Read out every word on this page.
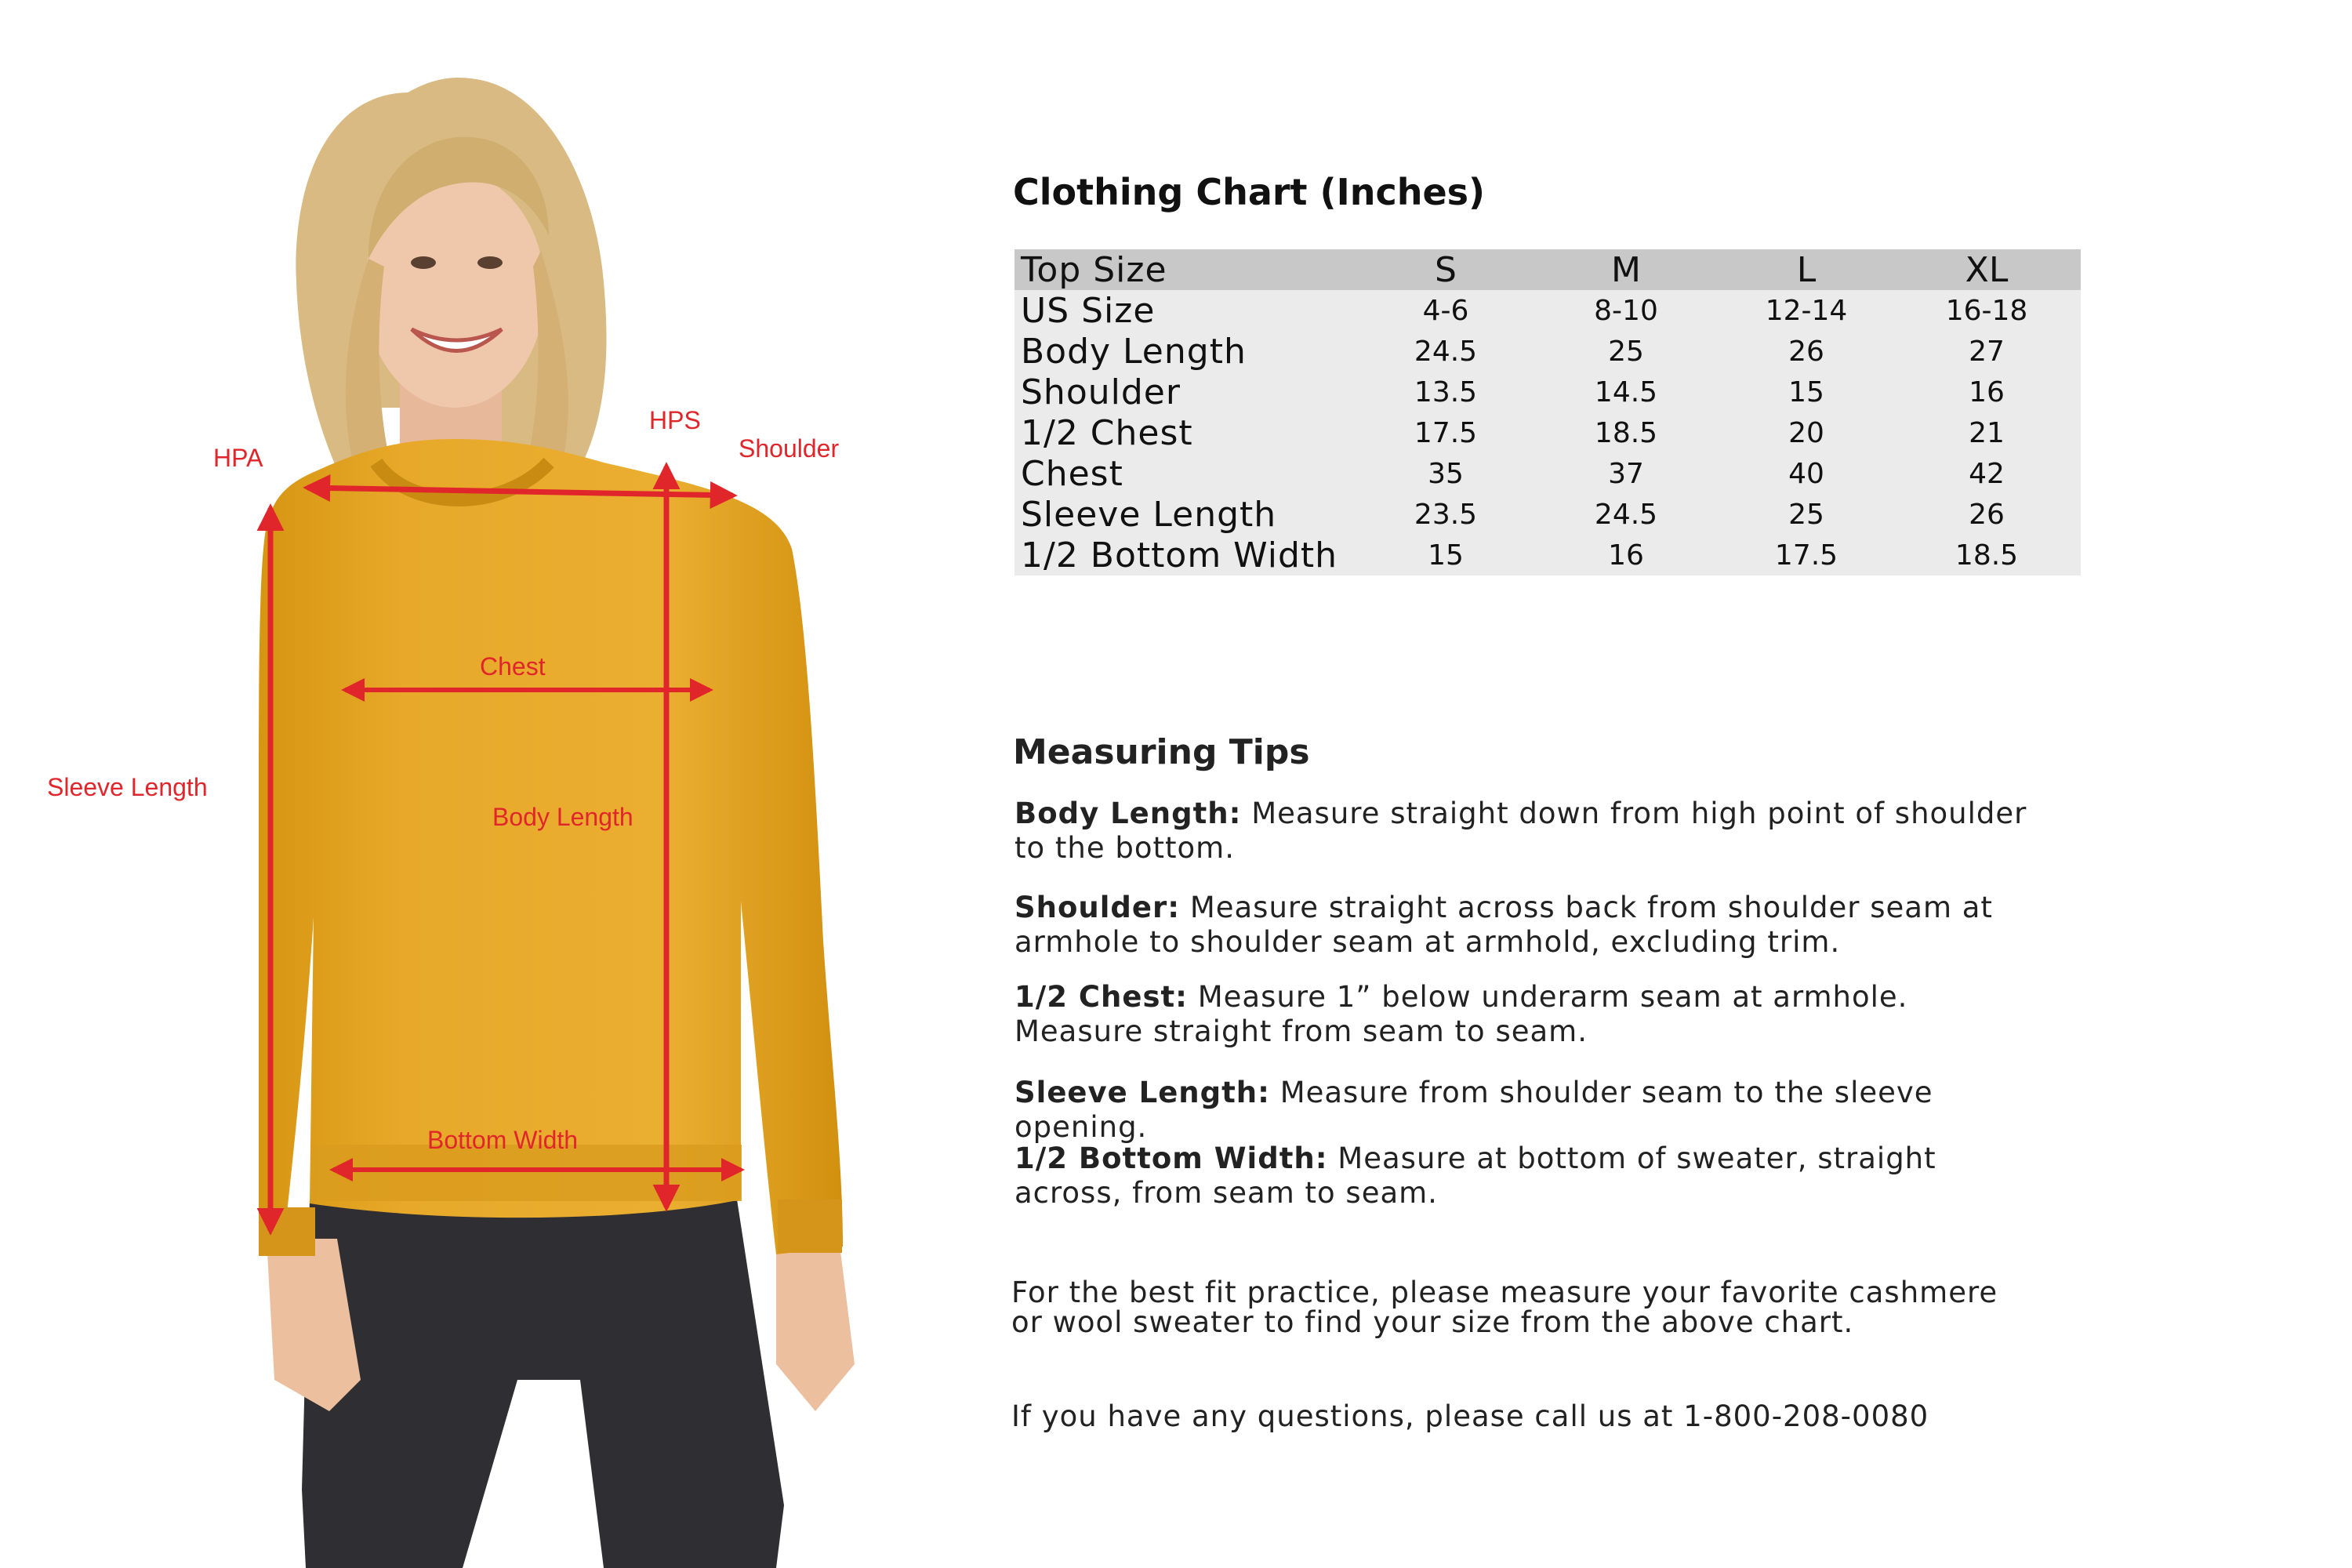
HPA
HPS
Shoulder
Chest
Sleeve Length
Body Length
Bottom Width
Clothing Chart (Inches)
Top Size	S	M	L	XL
US Size	4-6	8-10	12-14	16-18
Body Length	24.5	25	26	27
Shoulder	13.5	14.5	15	16
1/2 Chest	17.5	18.5	20	21
Chest	35	37	40	42
Sleeve Length	23.5	24.5	25	26
1/2 Bottom Width	15	16	17.5	18.5
Measuring Tips
Body Length: Measure straight down from high point of shoulder to the bottom.
Shoulder: Measure straight across back from shoulder seam at armhole to shoulder seam at armhold, excluding trim.
1/2 Chest: Measure 1” below underarm seam at armhole. Measure straight from seam to seam.
Sleeve Length: Measure from shoulder seam to the sleeve opening.
1/2 Bottom Width: Measure at bottom of sweater, straight across, from seam to seam.
For the best fit practice, please measure your favorite cashmere or wool sweater to find your size from the above chart.
If you have any questions, please call us at 1-800-208-0080
